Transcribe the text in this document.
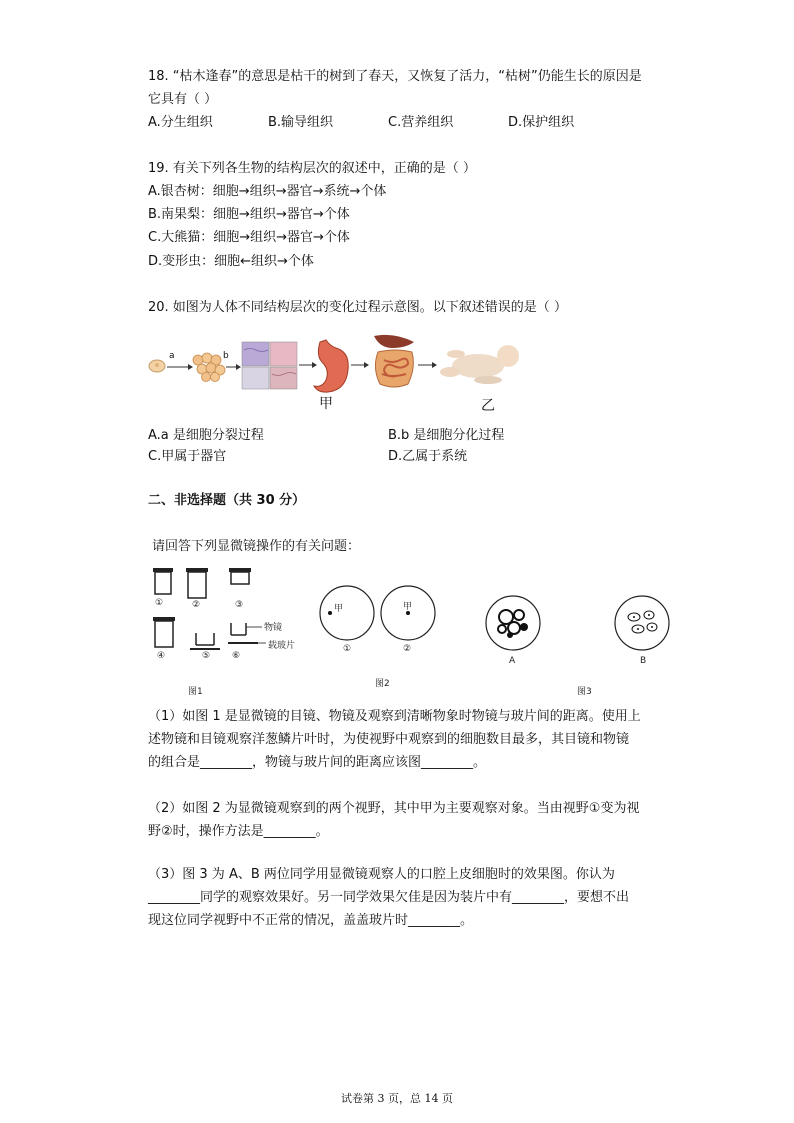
18. “枯木逢春”的意思是枯干的树到了春天，又恢复了活力，“枯树”仍能生长的原因是
它具有（ ）
A.分生组织	B.输导组织	C.营养组织	D.保护组织
19. 有关下列各生物的结构层次的叙述中，正确的是（ ）
A.银杏树：细胞→组织→器官→系统→个体
B.南果梨：细胞→组织→器官→个体
C.大熊猫：细胞→组织→器官→个体
D.变形虫：细胞←组织→个体
20. 如图为人体不同结构层次的变化过程示意图。以下叙述错误的是（ ）
a	b
甲	乙
A.a 是细胞分裂过程	B.b 是细胞分化过程
C.甲属于器官	D.乙属于系统
二、非选择题（共 30 分）
请回答下列显微镜操作的有关问题：
①	②	③
④	⑤ ⑥
物镜
载玻片
图1
甲	甲
①	②
图2
A	B
图3
（1）如图 1 是显微镜的目镜、物镜及观察到清晰物象时物镜与玻片间的距离。使用上
述物镜和目镜观察洋葱鳞片叶时，为使视野中观察到的细胞数目最多，其目镜和物镜
的组合是________，物镜与玻片间的距离应该图________。
（2）如图 2 为显微镜观察到的两个视野，其中甲为主要观察对象。当由视野①变为视
野②时，操作方法是________。
（3）图 3 为 A、B 两位同学用显微镜观察人的口腔上皮细胞时的效果图。你认为
________同学的观察效果好。另一同学效果欠佳是因为装片中有________，要想不出
现这位同学视野中不正常的情况，盖盖玻片时________。
试卷第 3 页，总 14 页
